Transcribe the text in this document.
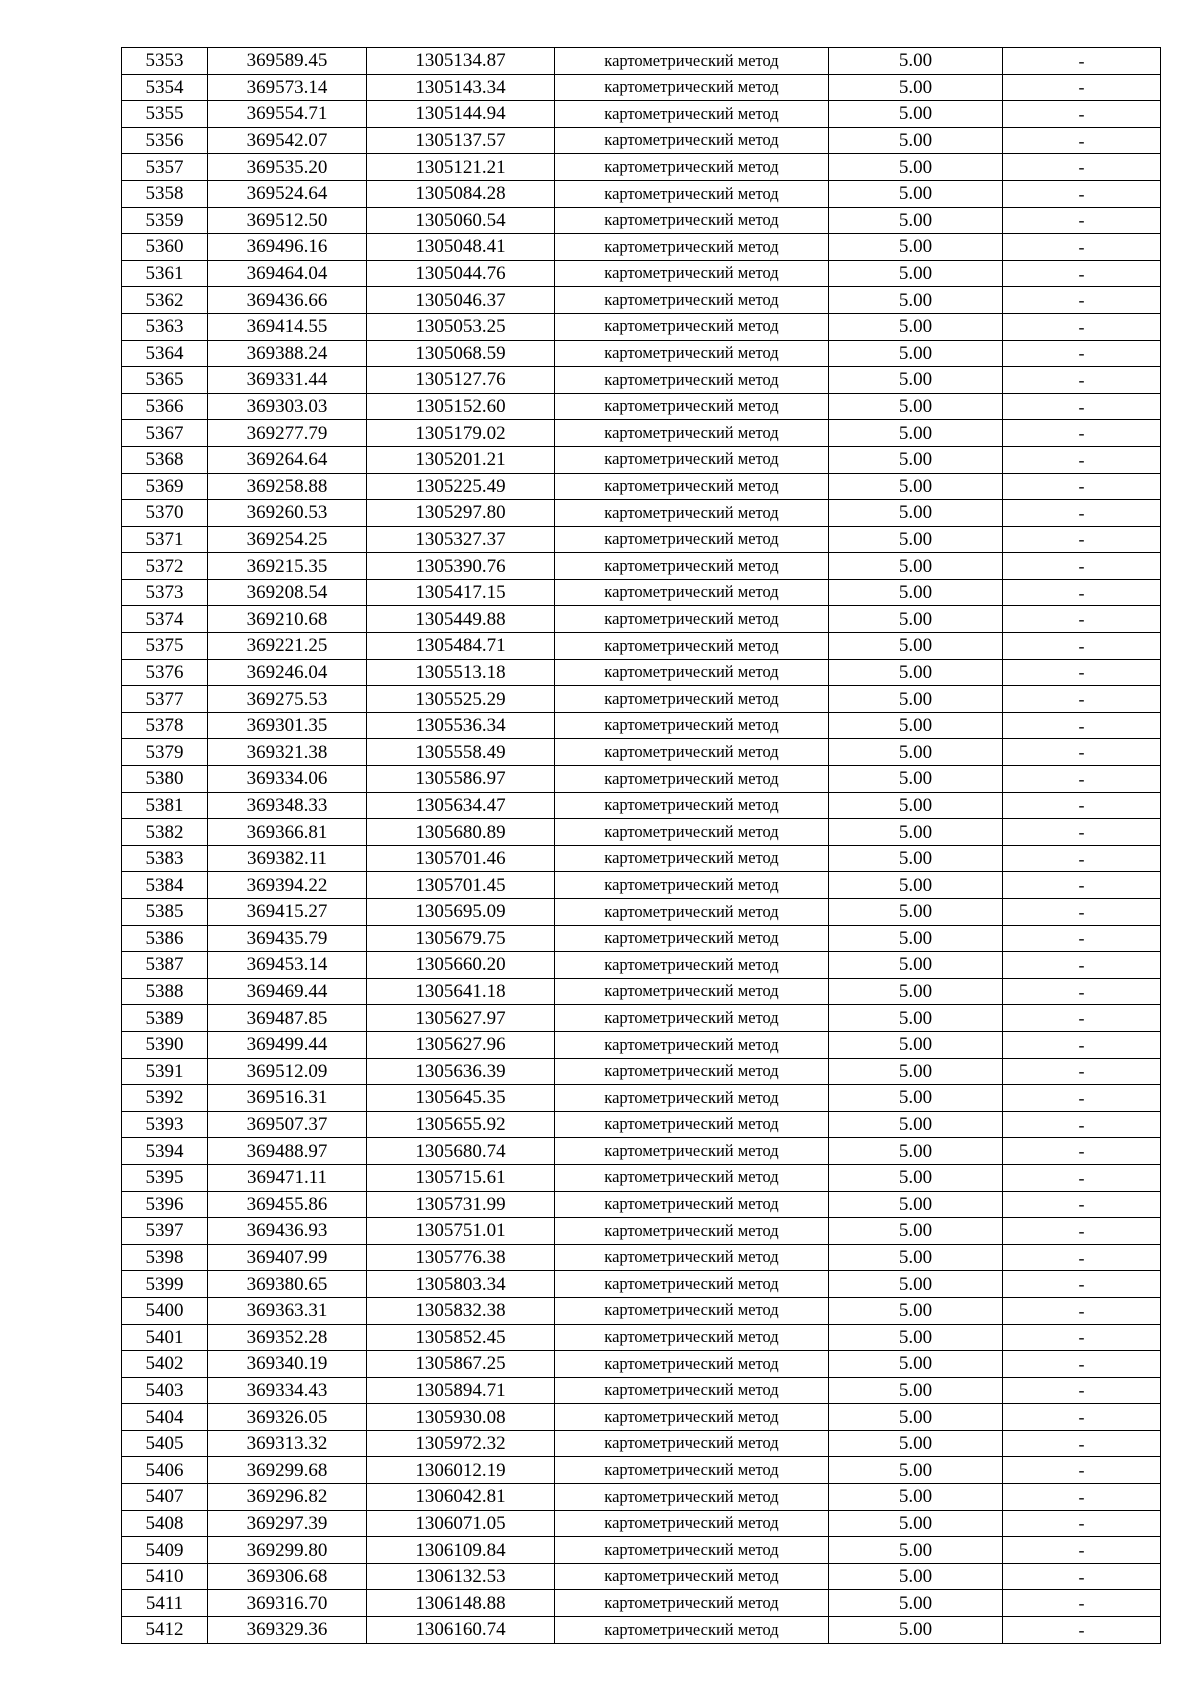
5353	369589.45	1305134.87	картометрический метод	5.00	-
5354	369573.14	1305143.34	картометрический метод	5.00	-
5355	369554.71	1305144.94	картометрический метод	5.00	-
5356	369542.07	1305137.57	картометрический метод	5.00	-
5357	369535.20	1305121.21	картометрический метод	5.00	-
5358	369524.64	1305084.28	картометрический метод	5.00	-
5359	369512.50	1305060.54	картометрический метод	5.00	-
5360	369496.16	1305048.41	картометрический метод	5.00	-
5361	369464.04	1305044.76	картометрический метод	5.00	-
5362	369436.66	1305046.37	картометрический метод	5.00	-
5363	369414.55	1305053.25	картометрический метод	5.00	-
5364	369388.24	1305068.59	картометрический метод	5.00	-
5365	369331.44	1305127.76	картометрический метод	5.00	-
5366	369303.03	1305152.60	картометрический метод	5.00	-
5367	369277.79	1305179.02	картометрический метод	5.00	-
5368	369264.64	1305201.21	картометрический метод	5.00	-
5369	369258.88	1305225.49	картометрический метод	5.00	-
5370	369260.53	1305297.80	картометрический метод	5.00	-
5371	369254.25	1305327.37	картометрический метод	5.00	-
5372	369215.35	1305390.76	картометрический метод	5.00	-
5373	369208.54	1305417.15	картометрический метод	5.00	-
5374	369210.68	1305449.88	картометрический метод	5.00	-
5375	369221.25	1305484.71	картометрический метод	5.00	-
5376	369246.04	1305513.18	картометрический метод	5.00	-
5377	369275.53	1305525.29	картометрический метод	5.00	-
5378	369301.35	1305536.34	картометрический метод	5.00	-
5379	369321.38	1305558.49	картометрический метод	5.00	-
5380	369334.06	1305586.97	картометрический метод	5.00	-
5381	369348.33	1305634.47	картометрический метод	5.00	-
5382	369366.81	1305680.89	картометрический метод	5.00	-
5383	369382.11	1305701.46	картометрический метод	5.00	-
5384	369394.22	1305701.45	картометрический метод	5.00	-
5385	369415.27	1305695.09	картометрический метод	5.00	-
5386	369435.79	1305679.75	картометрический метод	5.00	-
5387	369453.14	1305660.20	картометрический метод	5.00	-
5388	369469.44	1305641.18	картометрический метод	5.00	-
5389	369487.85	1305627.97	картометрический метод	5.00	-
5390	369499.44	1305627.96	картометрический метод	5.00	-
5391	369512.09	1305636.39	картометрический метод	5.00	-
5392	369516.31	1305645.35	картометрический метод	5.00	-
5393	369507.37	1305655.92	картометрический метод	5.00	-
5394	369488.97	1305680.74	картометрический метод	5.00	-
5395	369471.11	1305715.61	картометрический метод	5.00	-
5396	369455.86	1305731.99	картометрический метод	5.00	-
5397	369436.93	1305751.01	картометрический метод	5.00	-
5398	369407.99	1305776.38	картометрический метод	5.00	-
5399	369380.65	1305803.34	картометрический метод	5.00	-
5400	369363.31	1305832.38	картометрический метод	5.00	-
5401	369352.28	1305852.45	картометрический метод	5.00	-
5402	369340.19	1305867.25	картометрический метод	5.00	-
5403	369334.43	1305894.71	картометрический метод	5.00	-
5404	369326.05	1305930.08	картометрический метод	5.00	-
5405	369313.32	1305972.32	картометрический метод	5.00	-
5406	369299.68	1306012.19	картометрический метод	5.00	-
5407	369296.82	1306042.81	картометрический метод	5.00	-
5408	369297.39	1306071.05	картометрический метод	5.00	-
5409	369299.80	1306109.84	картометрический метод	5.00	-
5410	369306.68	1306132.53	картометрический метод	5.00	-
5411	369316.70	1306148.88	картометрический метод	5.00	-
5412	369329.36	1306160.74	картометрический метод	5.00	-
